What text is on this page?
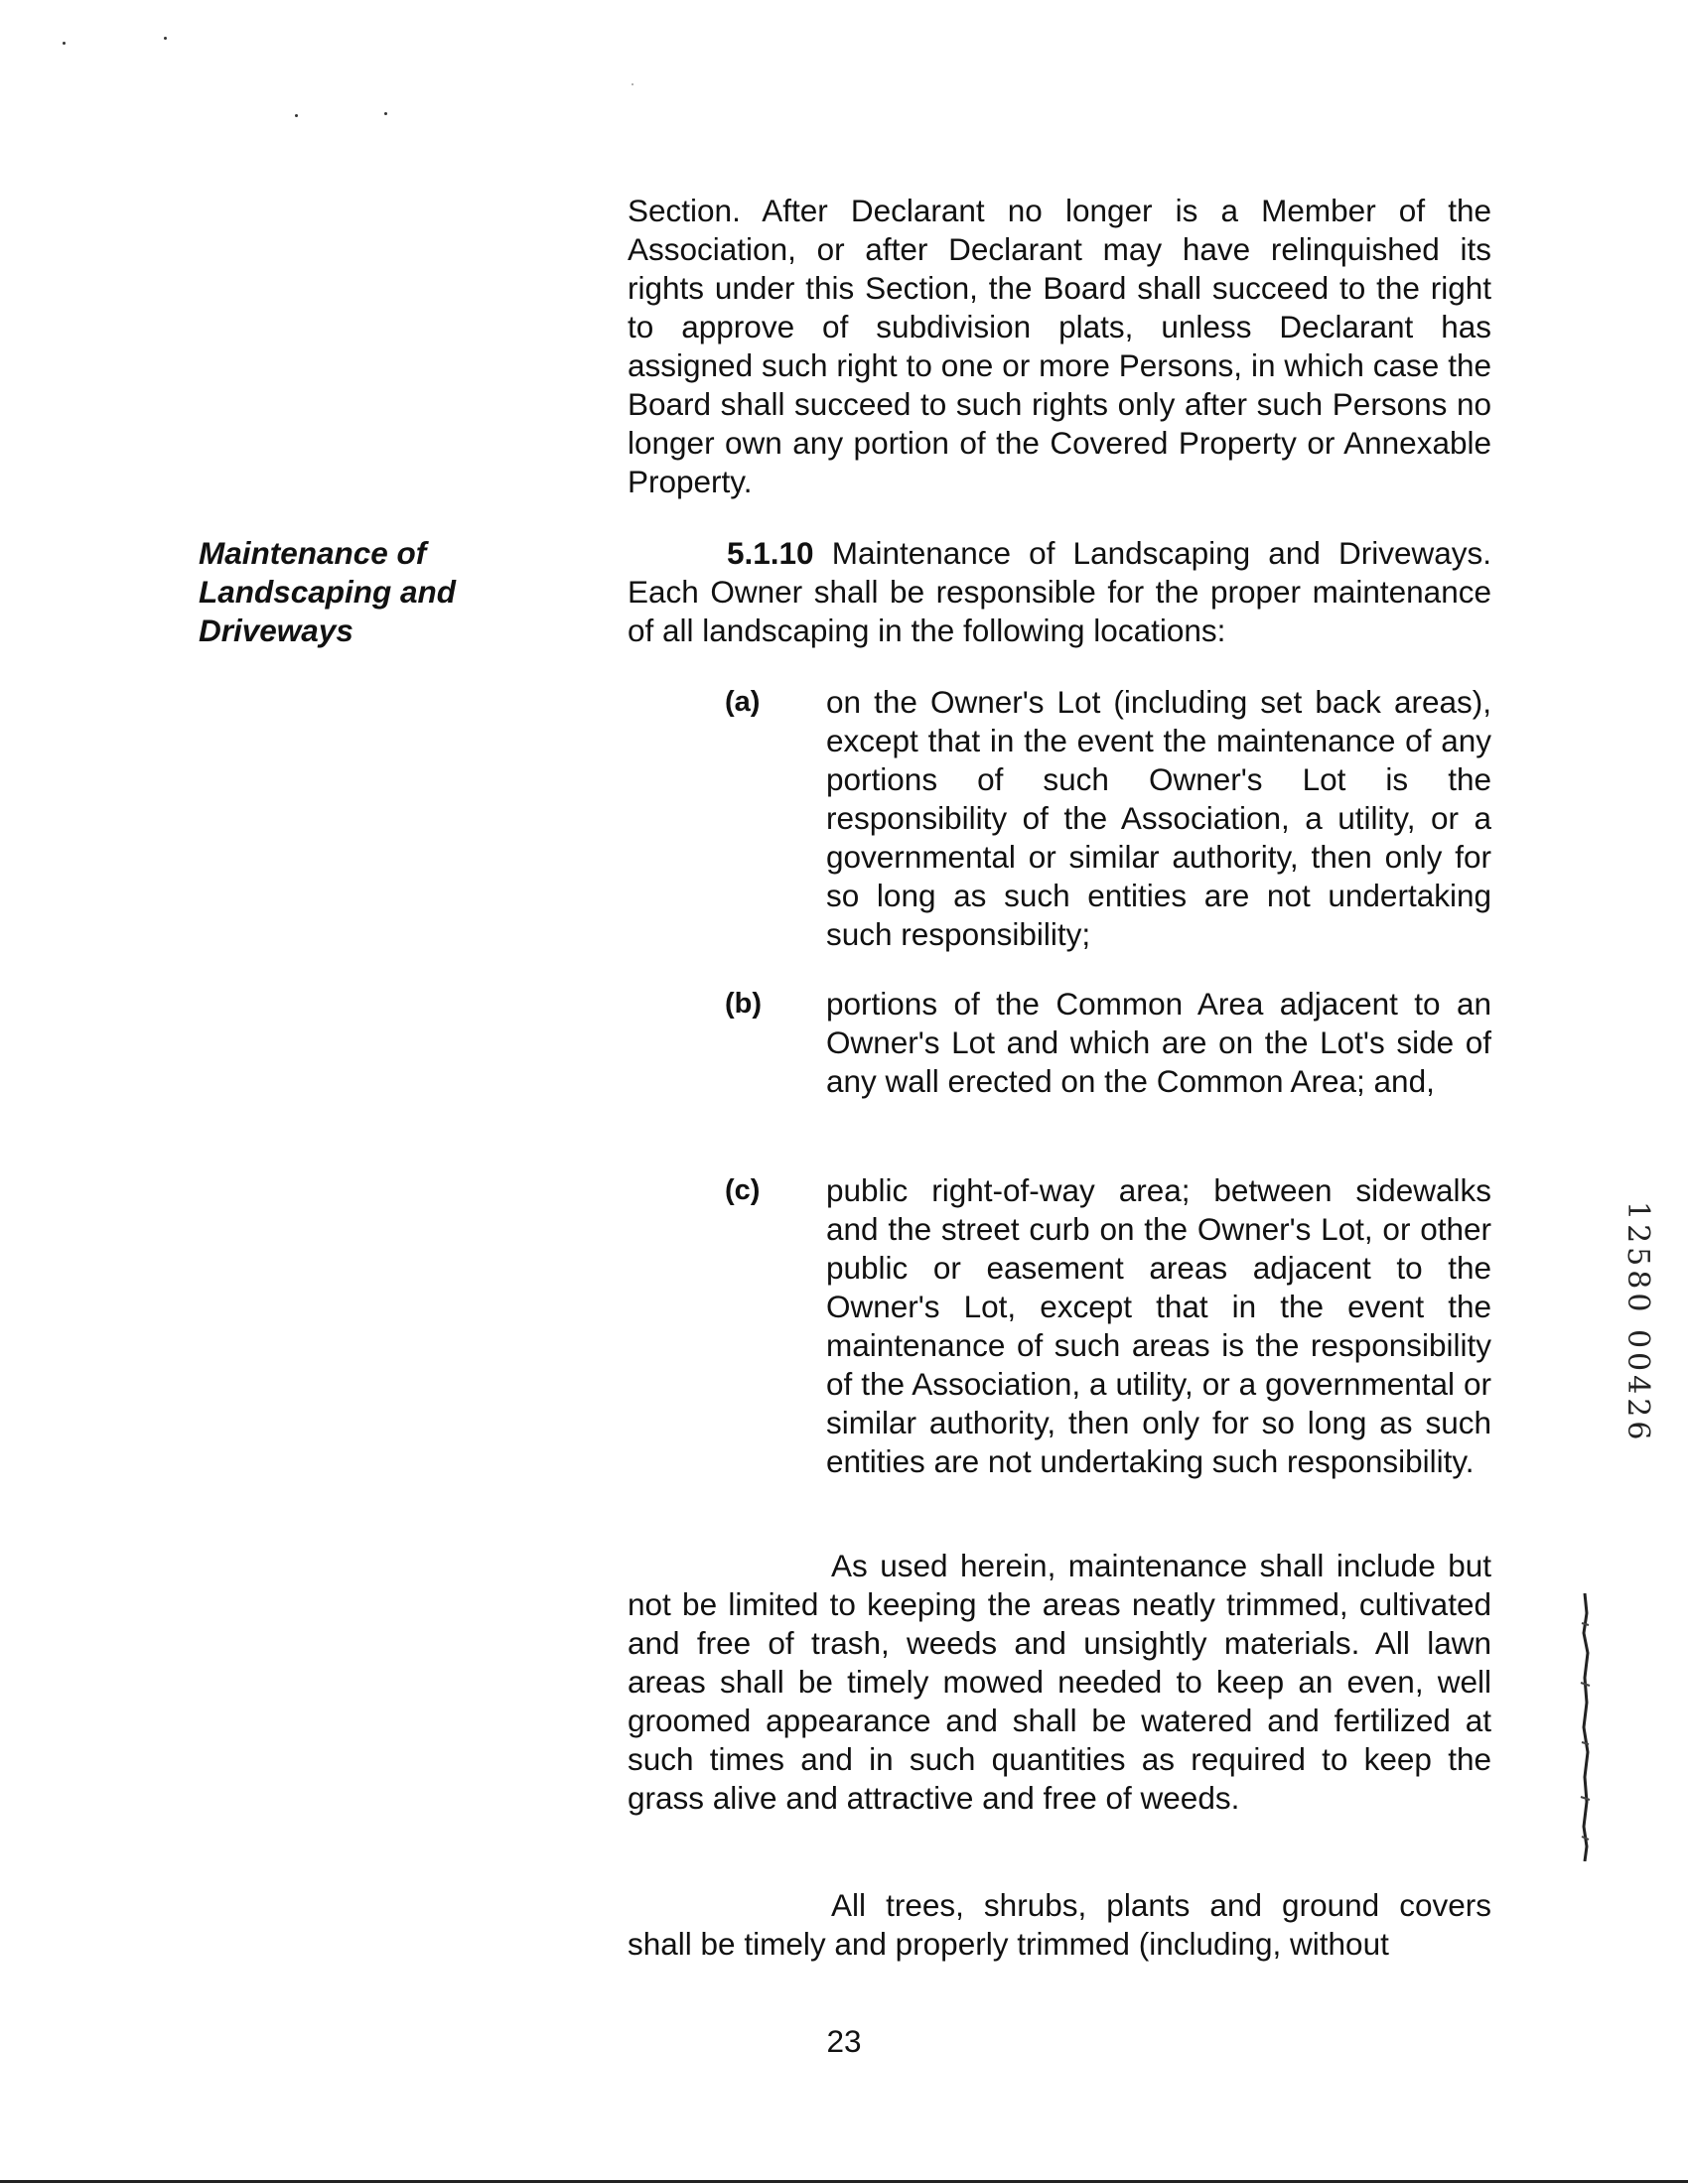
Section. After Declarant no longer is a Member of the Association, or after Declarant may have relinquished its rights under this Section, the Board shall succeed to the right to approve of subdivision plats, unless Declarant has assigned such right to one or more Persons, in which case the Board shall succeed to such rights only after such Persons no longer own any portion of the Covered Property or Annexable Property.

Maintenance of
Landscaping and
Driveways

5.1.10 Maintenance of Landscaping and Driveways. Each Owner shall be responsible for the proper maintenance of all landscaping in the following locations:

(a) on the Owner's Lot (including set back areas), except that in the event the maintenance of any portions of such Owner's Lot is the responsibility of the Association, a utility, or a governmental or similar authority, then only for so long as such entities are not undertaking such responsibility;

(b) portions of the Common Area adjacent to an Owner's Lot and which are on the Lot's side of any wall erected on the Common Area; and,

(c) public right-of-way area; between sidewalks and the street curb on the Owner's Lot, or other public or easement areas adjacent to the Owner's Lot, except that in the event the maintenance of such areas is the responsibility of the Association, a utility, or a governmental or similar authority, then only for so long as such entities are not undertaking such responsibility.

As used herein, maintenance shall include but not be limited to keeping the areas neatly trimmed, cultivated and free of trash, weeds and unsightly materials. All lawn areas shall be timely mowed needed to keep an even, well groomed appearance and shall be watered and fertilized at such times and in such quantities as required to keep the grass alive and attractive and free of weeds.

All trees, shrubs, plants and ground covers shall be timely and properly trimmed (including, without

23
12580 00426
